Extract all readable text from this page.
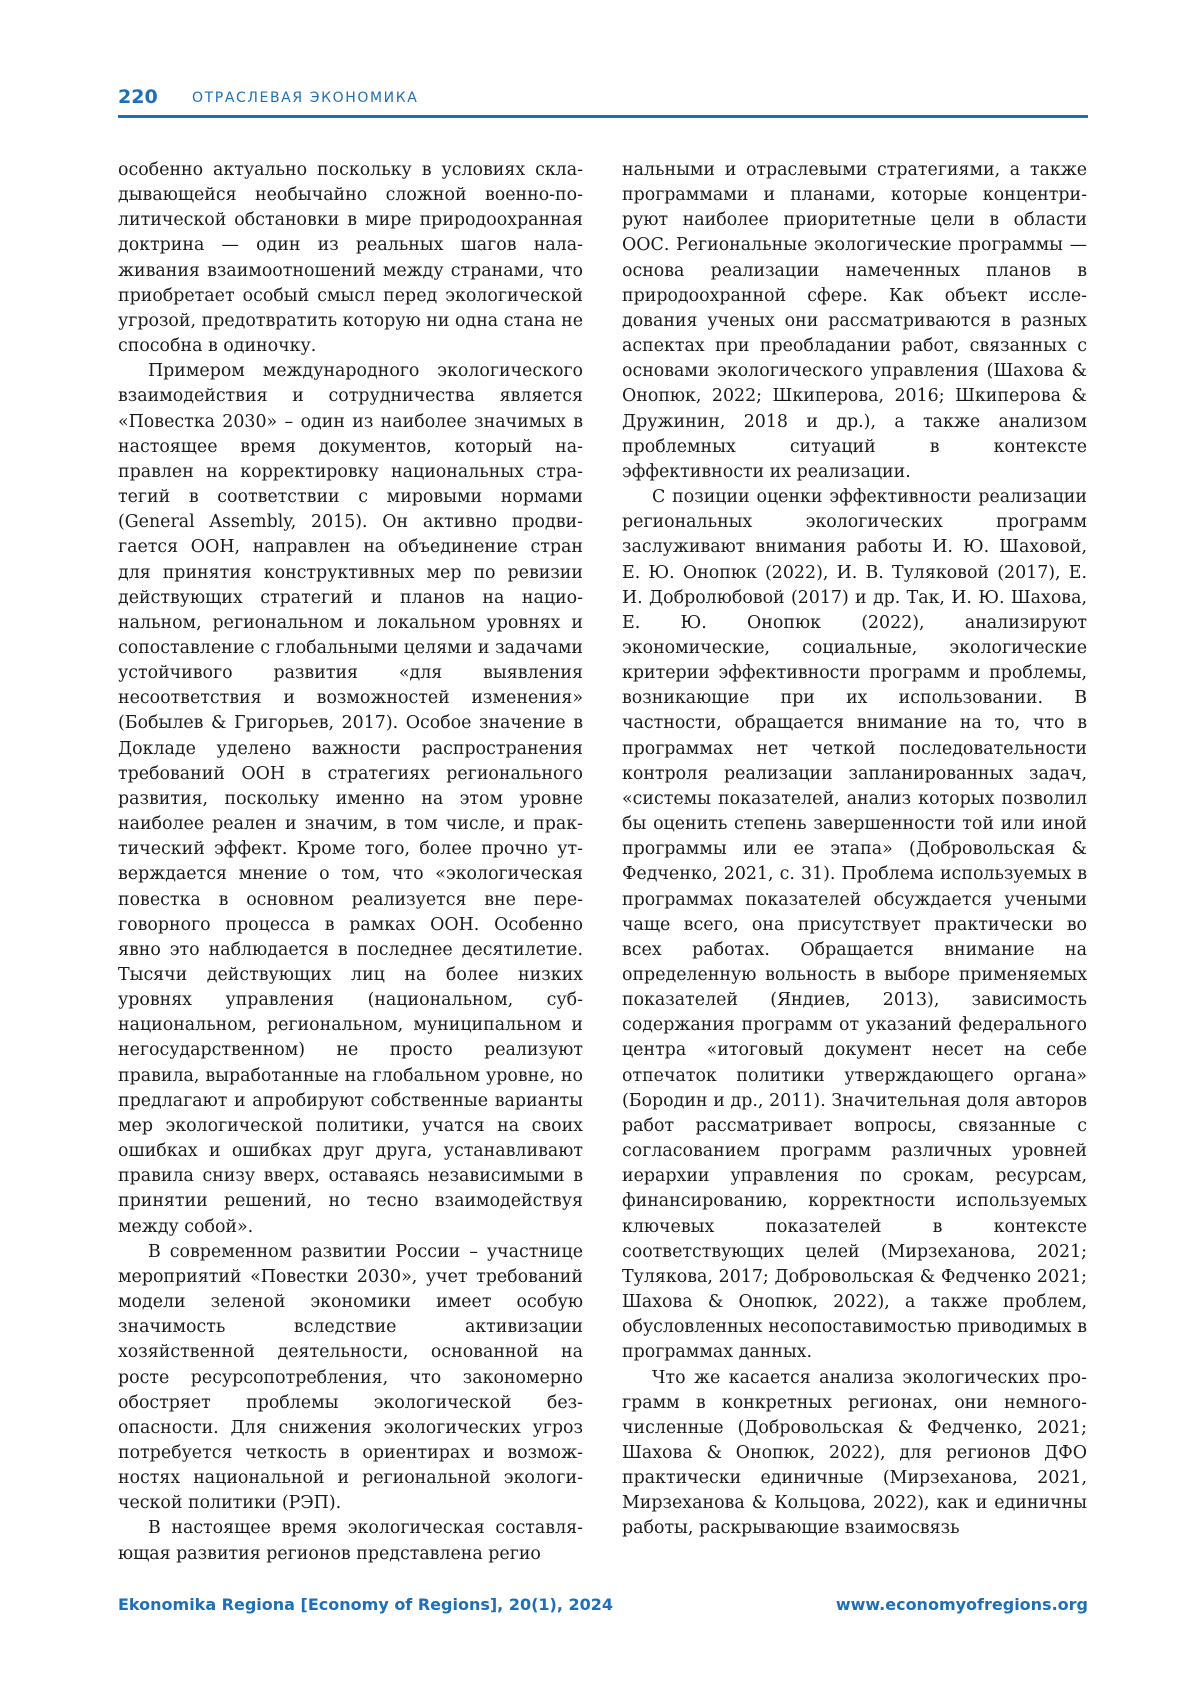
220 ОТРАСЛЕВАЯ ЭКОНОМИКА

особенно актуально поскольку в условиях складывающейся необычайно сложной военно-политической обстановки в мире природоохранная доктрина — один из реальных шагов налаживания взаимоотношений между странами, что приобретает особый смысл перед экологической угрозой, предотвратить которую ни одна стана не способна в одиночку.

Примером международного экологического взаимодействия и сотрудничества является «Повестка 2030» – один из наиболее значимых в настоящее время документов, который направлен на корректировку национальных стратегий в соответствии с мировыми нормами (General Assembly, 2015). Он активно продвигается ООН, направлен на объединение стран для принятия конструктивных мер по ревизии действующих стратегий и планов на национальном, региональном и локальном уровнях и сопоставление с глобальными целями и задачами устойчивого развития «для выявления несоответствия и возможностей изменения» (Бобылев & Григорьев, 2017). Особое значение в Докладе уделено важности распространения требований ООН в стратегиях регионального развития, поскольку именно на этом уровне наиболее реален и значим, в том числе, и практический эффект. Кроме того, более прочно утверждается мнение о том, что «экологическая повестка в основном реализуется вне переговорного процесса в рамках ООН. Особенно явно это наблюдается в последнее десятилетие. Тысячи действующих лиц на более низких уровнях управления (национальном, субнациональном, региональном, муниципальном и негосударственном) не просто реализуют правила, выработанные на глобальном уровне, но предлагают и апробируют собственные варианты мер экологической политики, учатся на своих ошибках и ошибках друг друга, устанавливают правила снизу вверх, оставаясь независимыми в принятии решений, но тесно взаимодействуя между собой».

В современном развитии России – участнице мероприятий «Повестки 2030», учет требований модели зеленой экономики имеет особую значимость вследствие активизации хозяйственной деятельности, основанной на росте ресурсопотребления, что закономерно обостряет проблемы экологической безопасности. Для снижения экологических угроз потребуется четкость в ориентирах и возможностях национальной и региональной экологической политики (РЭП).

В настоящее время экологическая составляющая развития регионов представлена регио

нальными и отраслевыми стратегиями, а также программами и планами, которые концентрируют наиболее приоритетные цели в области ООС. Региональные экологические программы — основа реализации намеченных планов в природоохранной сфере. Как объект исследования ученых они рассматриваются в разных аспектах при преобладании работ, связанных с основами экологического управления (Шахова & Онопюк, 2022; Шкиперова, 2016; Шкиперова & Дружинин, 2018 и др.), а также анализом проблемных ситуаций в контексте эффективности их реализации.

С позиции оценки эффективности реализации региональных экологических программ заслуживают внимания работы И. Ю. Шаховой, Е. Ю. Онопюк (2022), И. В. Туляковой (2017), Е. И. Добролюбовой (2017) и др. Так, И. Ю. Шахова, Е. Ю. Онопюк (2022), анализируют экономические, социальные, экологические критерии эффективности программ и проблемы, возникающие при их использовании. В частности, обращается внимание на то, что в программах нет четкой последовательности контроля реализации запланированных задач, «системы показателей, анализ которых позволил бы оценить степень завершенности той или иной программы или ее этапа» (Добровольская & Федченко, 2021, с. 31). Проблема используемых в программах показателей обсуждается учеными чаще всего, она присутствует практически во всех работах. Обращается внимание на определенную вольность в выборе применяемых показателей (Яндиев, 2013), зависимость содержания программ от указаний федерального центра «итоговый документ несет на себе отпечаток политики утверждающего органа» (Бородин и др., 2011). Значительная доля авторов работ рассматривает вопросы, связанные с согласованием программ различных уровней иерархии управления по срокам, ресурсам, финансированию, корректности используемых ключевых показателей в контексте соответствующих целей (Мирзеханова, 2021; Тулякова, 2017; Добровольская & Федченко 2021; Шахова & Онопюк, 2022), а также проблем, обусловленных несопоставимостью приводимых в программах данных.

Что же касается анализа экологических программ в конкретных регионах, они немногочисленные (Добровольская & Федченко, 2021; Шахова & Онопюк, 2022), для регионов ДФО практически единичные (Мирзеханова, 2021, Мирзеханова & Кольцова, 2022), как и единичны работы, раскрывающие взаимосвязь

Ekonomika Regiona [Economy of Regions], 20(1), 2024	www.economyofregions.org
